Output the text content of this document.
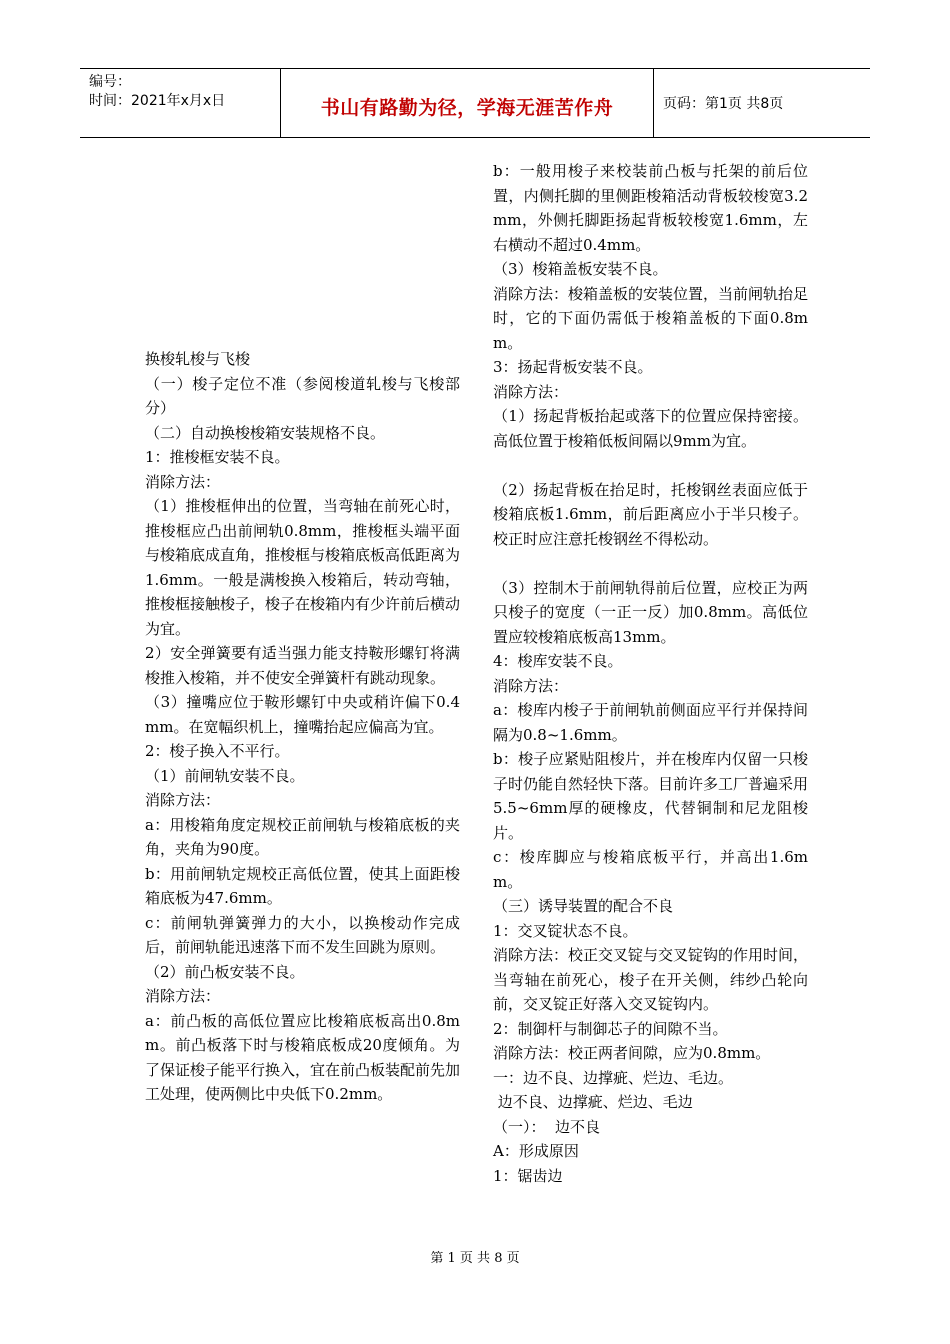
编号：
时间：2021年x月x日	书山有路勤为径，学海无涯苦作舟	页码：第1页 共8页

换梭轧梭与飞梭

（一）梭子定位不准（参阅梭道轧梭与飞梭部分）

（二）自动换梭梭箱安装规格不良。

1：推梭框安装不良。

消除方法：

（1）推梭框伸出的位置，当弯轴在前死心时，推梭框应凸出前闸轨0.8mm，推梭框头端平面与梭箱底成直角，推梭框与梭箱底板高低距离为1.6mm。一般是满梭换入梭箱后，转动弯轴，推梭框接触梭子，梭子在梭箱内有少许前后横动为宜。

2）安全弹簧要有适当强力能支持鞍形螺钉将满梭推入梭箱，并不使安全弹簧杆有跳动现象。

（3）撞嘴应位于鞍形螺钉中央或稍许偏下0.4mm。在宽幅织机上，撞嘴抬起应偏高为宜。

2：梭子换入不平行。

（1）前闸轨安装不良。

消除方法：

a：用梭箱角度定规校正前闸轨与梭箱底板的夹角，夹角为90度。

b：用前闸轨定规校正高低位置，使其上面距梭箱底板为47.6mm。

c：前闸轨弹簧弹力的大小，以换梭动作完成后，前闸轨能迅速落下而不发生回跳为原则。

（2）前凸板安装不良。

消除方法：

a：前凸板的高低位置应比梭箱底板高出0.8mm。前凸板落下时与梭箱底板成20度倾角。为了保证梭子能平行换入，宜在前凸板装配前先加工处理，使两侧比中央低下0.2mm。

b：一般用梭子来校装前凸板与托架的前后位置，内侧托脚的里侧距梭箱活动背板较梭宽3.2mm，外侧托脚距扬起背板较梭宽1.6mm，左右横动不超过0.4mm。

（3）梭箱盖板安装不良。

消除方法：梭箱盖板的安装位置，当前闸轨抬足时，它的下面仍需低于梭箱盖板的下面0.8mm。

3：扬起背板安装不良。

消除方法：

（1）扬起背板抬起或落下的位置应保持密接。高低位置于梭箱低板间隔以9mm为宜。

（2）扬起背板在抬足时，托梭钢丝表面应低于梭箱底板1.6mm，前后距离应小于半只梭子。校正时应注意托梭钢丝不得松动。

（3）控制木于前闸轨得前后位置，应校正为两只梭子的宽度（一正一反）加0.8mm。高低位置应较梭箱底板高13mm。

4：梭库安装不良。

消除方法：

a：梭库内梭子于前闸轨前侧面应平行并保持间隔为0.8~1.6mm。

b：梭子应紧贴阻梭片，并在梭库内仅留一只梭子时仍能自然轻快下落。目前许多工厂普遍采用5.5~6mm厚的硬橡皮，代替铜制和尼龙阻梭片。

c：梭库脚应与梭箱底板平行，并高出1.6mm。

（三）诱导装置的配合不良

1：交叉锭状态不良。

消除方法：校正交叉锭与交叉锭钩的作用时间，当弯轴在前死心，梭子在开关侧，纬纱凸轮向前，交叉锭正好落入交叉锭钩内。

2：制御杆与制御芯子的间隙不当。

消除方法：校正两者间隙，应为0.8mm。

一：边不良、边撑疵、烂边、毛边。

边不良、边撑疵、烂边、毛边

（一）：  边不良

A：形成原因

1：锯齿边

第 1 页 共 8 页
